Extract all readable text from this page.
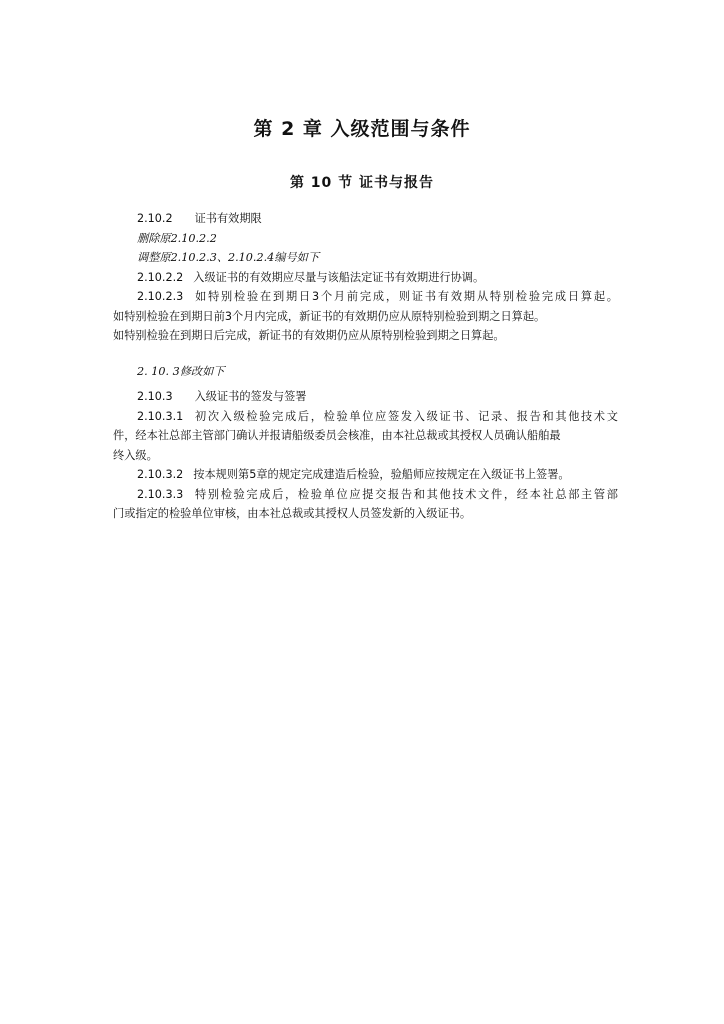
第 2 章 入级范围与条件
第 10 节 证书与报告
2.10.2 证书有效期限
删除原2.10.2.2
调整原2.10.2.3、2.10.2.4编号如下
2.10.2.2 入级证书的有效期应尽量与该船法定证书有效期进行协调。
2.10.2.3 如特别检验在到期日3个月前完成，则证书有效期从特别检验完成日算起。
如特别检验在到期日前3个月内完成，新证书的有效期仍应从原特别检验到期之日算起。
如特别检验在到期日后完成，新证书的有效期仍应从原特别检验到期之日算起。
2. 10. 3修改如下
2.10.3 入级证书的签发与签署
2.10.3.1 初次入级检验完成后，检验单位应签发入级证书、记录、报告和其他技术文
件，经本社总部主管部门确认并报请船级委员会核准，由本社总裁或其授权人员确认船舶最
终入级。
2.10.3.2 按本规则第5章的规定完成建造后检验，验船师应按规定在入级证书上签署。
2.10.3.3 特别检验完成后，检验单位应提交报告和其他技术文件，经本社总部主管部
门或指定的检验单位审核，由本社总裁或其授权人员签发新的入级证书。
